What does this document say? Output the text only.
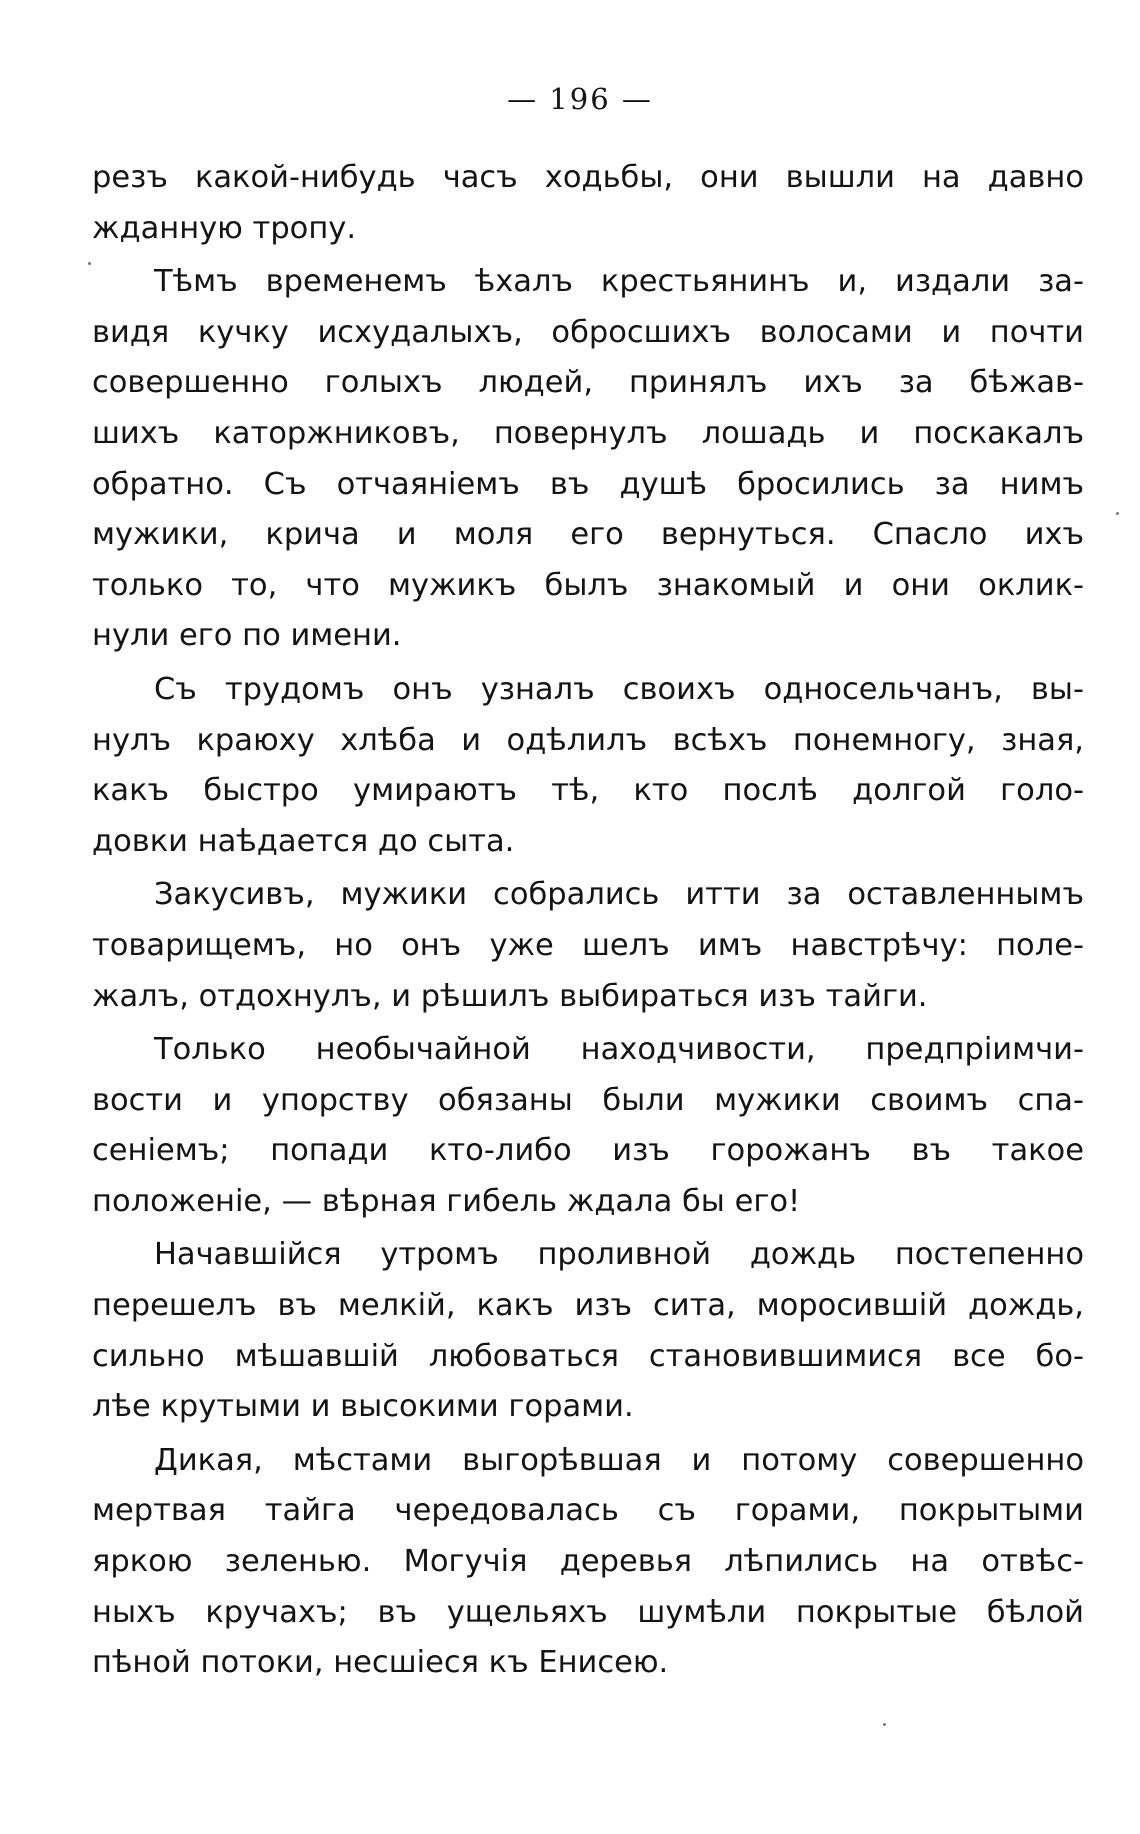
— 196 —
резъ какой-нибудь часъ ходьбы, они вышли на давно
жданную тропу.
Тѣмъ временемъ ѣхалъ крестьянинъ и, издали за-
видя кучку исхудалыхъ, обросшихъ волосами и почти
совершенно голыхъ людей, принялъ ихъ за бѣжав-
шихъ каторжниковъ, повернулъ лошадь и поскакалъ
обратно. Съ отчаяніемъ въ душѣ бросились за нимъ
мужики, крича и моля его вернуться. Спасло ихъ
только то, что мужикъ былъ знакомый и они оклик-
нули его по имени.
Съ трудомъ онъ узналъ своихъ односельчанъ, вы-
нулъ краюху хлѣба и одѣлилъ всѣхъ понемногу, зная,
какъ быстро умираютъ тѣ, кто послѣ долгой голо-
довки наѣдается до сыта.
Закусивъ, мужики собрались итти за оставленнымъ
товарищемъ, но онъ уже шелъ имъ навстрѣчу: поле-
жалъ, отдохнулъ, и рѣшилъ выбираться изъ тайги.
Только необычайной находчивости, предпріимчи-
вости и упорству обязаны были мужики своимъ спа-
сеніемъ; попади кто-либо изъ горожанъ въ такое
положеніе, — вѣрная гибель ждала бы его!
Начавшійся утромъ проливной дождь постепенно
перешелъ въ мелкій, какъ изъ сита, моросившій дождь,
сильно мѣшавшій любоваться становившимися все бо-
лѣе крутыми и высокими горами.
Дикая, мѣстами выгорѣвшая и потому совершенно
мертвая тайга чередовалась съ горами, покрытыми
яркою зеленью. Могучія деревья лѣпились на отвѣс-
ныхъ кручахъ; въ ущельяхъ шумѣли покрытые бѣлой
пѣной потоки, несшіеся къ Енисею.
